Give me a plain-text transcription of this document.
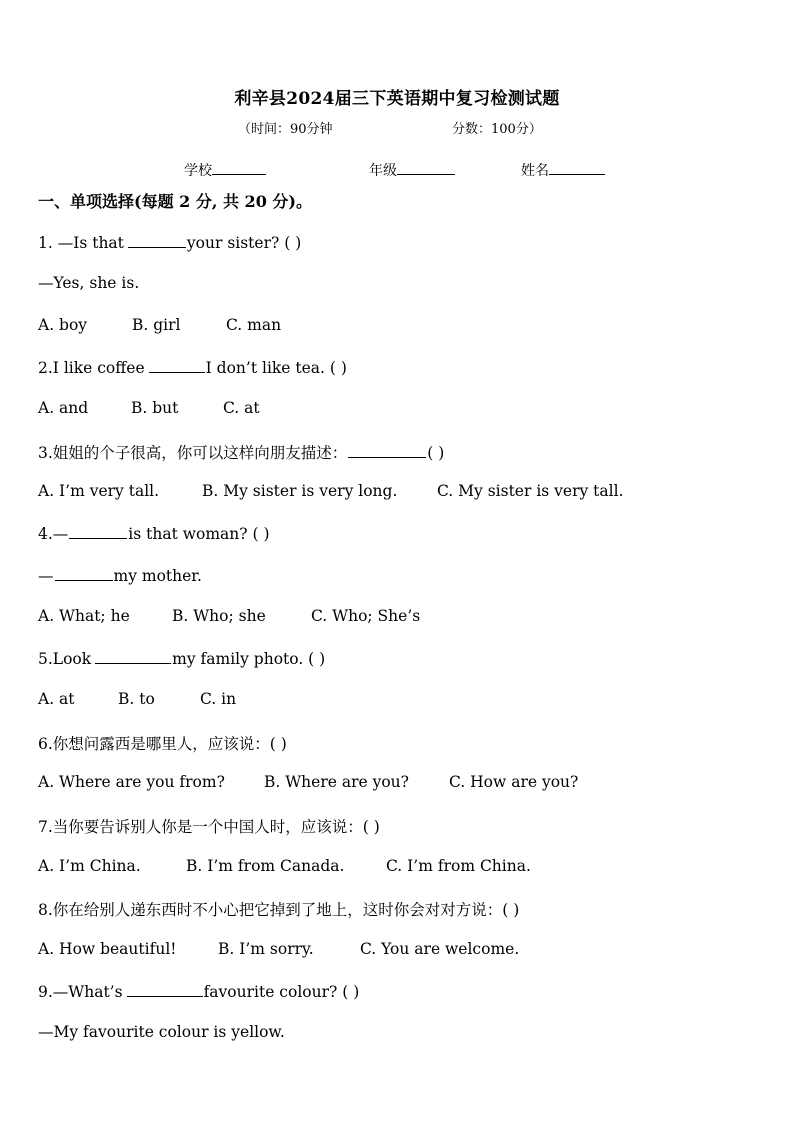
利辛县2024届三下英语期中复习检测试题
（时间：90分钟	分数：100分）
学校	年级	姓名
一、单项选择(每题 2 分, 共 20 分)。
1. —Is that	your sister? ( )
—Yes, she is.
A. boy	B. girl	C. man
2.I like coffee	I don’t like tea. ( )
A. and	B. but	C. at
3.姐姐的个子很高，你可以这样向朋友描述：	( )
A. I’m very tall.	B. My sister is very long.	C. My sister is very tall.
4.—	is that woman? ( )
—	my mother.
A. What; he	B. Who; she	C. Who; She’s
5.Look	my family photo. ( )
A. at	B. to	C. in
6.你想问露西是哪里人，应该说：( )
A. Where are you from?	B. Where are you?	C. How are you?
7.当你要告诉别人你是一个中国人时，应该说：( )
A. I’m China.	B. I’m from Canada.	C. I’m from China.
8.你在给别人递东西时不小心把它掉到了地上，这时你会对对方说：( )
A. How beautiful!	B. I’m sorry.	C. You are welcome.
9.—What’s	favourite colour? ( )
—My favourite colour is yellow.
